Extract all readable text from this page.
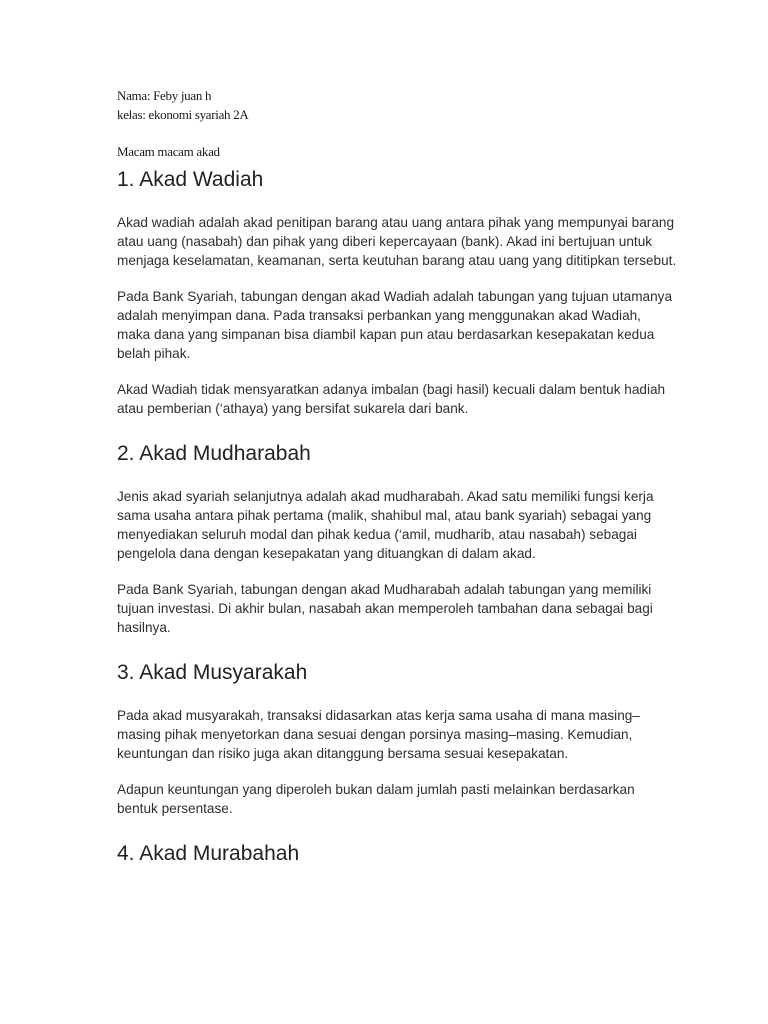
Nama: Feby juan h
kelas: ekonomi syariah 2A
Macam macam akad
1. Akad Wadiah

Akad wadiah adalah akad penitipan barang atau uang antara pihak yang mempunyai barang atau uang (nasabah) dan pihak yang diberi kepercayaan (bank). Akad ini bertujuan untuk menjaga keselamatan, keamanan, serta keutuhan barang atau uang yang dititipkan tersebut.

Pada Bank Syariah, tabungan dengan akad Wadiah adalah tabungan yang tujuan utamanya adalah menyimpan dana. Pada transaksi perbankan yang menggunakan akad Wadiah, maka dana yang simpanan bisa diambil kapan pun atau berdasarkan kesepakatan kedua belah pihak.

Akad Wadiah tidak mensyaratkan adanya imbalan (bagi hasil) kecuali dalam bentuk hadiah atau pemberian (‘athaya) yang bersifat sukarela dari bank.

2. Akad Mudharabah

Jenis akad syariah selanjutnya adalah akad mudharabah. Akad satu memiliki fungsi kerja sama usaha antara pihak pertama (malik, shahibul mal, atau bank syariah) sebagai yang menyediakan seluruh modal dan pihak kedua (‘amil, mudharib, atau nasabah) sebagai pengelola dana dengan kesepakatan yang dituangkan di dalam akad.

Pada Bank Syariah, tabungan dengan akad Mudharabah adalah tabungan yang memiliki tujuan investasi. Di akhir bulan, nasabah akan memperoleh tambahan dana sebagai bagi hasilnya.

3. Akad Musyarakah

Pada akad musyarakah, transaksi didasarkan atas kerja sama usaha di mana masing–masing pihak menyetorkan dana sesuai dengan porsinya masing–masing. Kemudian, keuntungan dan risiko juga akan ditanggung bersama sesuai kesepakatan.

Adapun keuntungan yang diperoleh bukan dalam jumlah pasti melainkan berdasarkan bentuk persentase.

4. Akad Murabahah
